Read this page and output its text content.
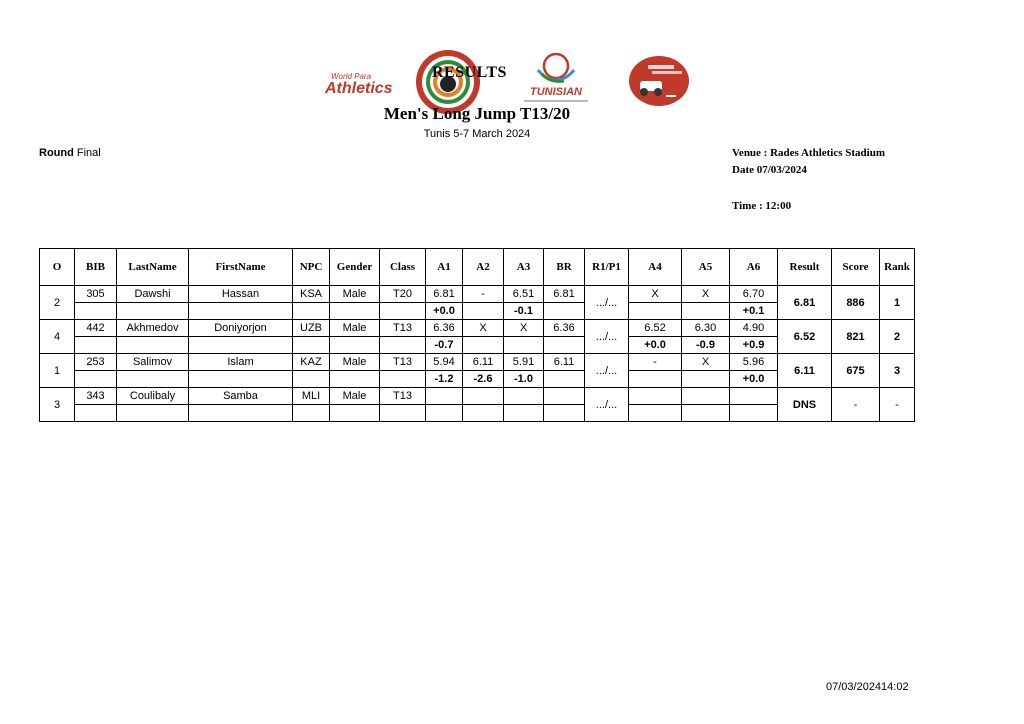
World Para
Athletics	TUNISIAN
RESULTS
Men's Long Jump T13/20
Tunis 5-7 March 2024
Round Final	Venue : Rades Athletics Stadium
Date 07/03/2024
Time : 12:00
O	BIB	LastName	FirstName	NPC	Gender	Class	A1	A2	A3	BR	R1/P1	A4	A5	A6	Result	Score	Rank
2	305	Dawshi	Hassan	KSA	Male	T20	6.81	-	6.51	6.81	.../...	X	X	6.70	6.81	886	1
							+0.0		-0.1					+0.1			
4	442	Akhmedov	Doniyorjon	UZB	Male	T13	6.36	X	X	6.36	.../...	6.52	6.30	4.90	6.52	821	2
							-0.7					+0.0	-0.9	+0.9			
1	253	Salimov	Islam	KAZ	Male	T13	5.94	6.11	5.91	6.11	.../...	-	X	5.96	6.11	675	3
							-1.2	-2.6	-1.0					+0.0			
3	343	Coulibaly	Samba	MLI	Male	T13					.../...				DNS	-	-

07/03/202414:02
